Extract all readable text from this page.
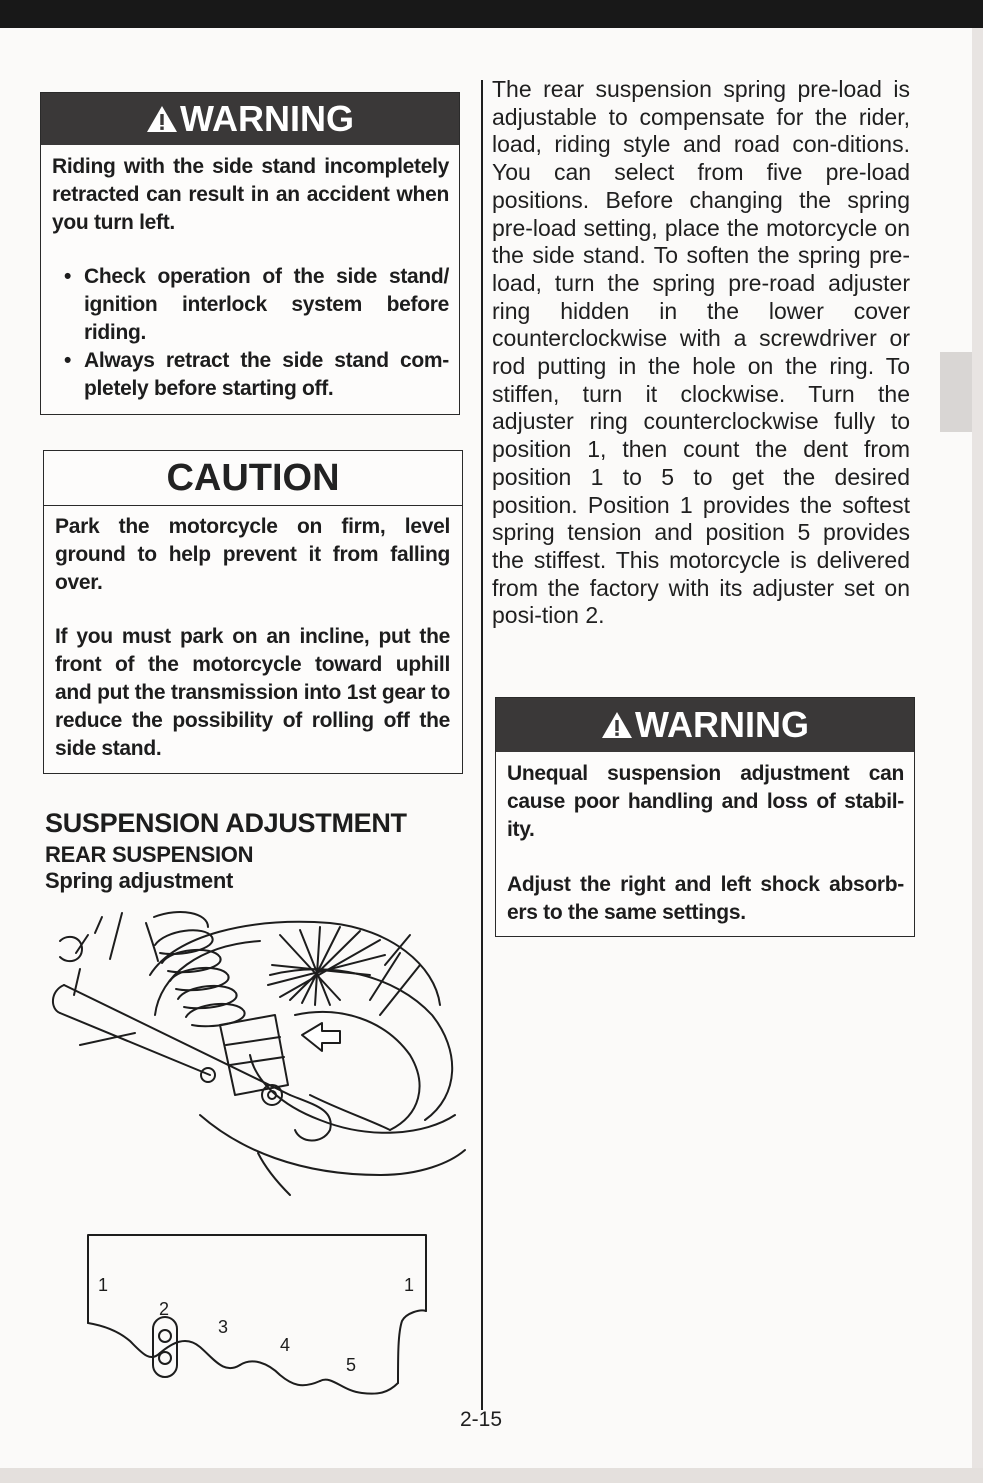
WARNING

Riding with the side stand incompletely retracted can result in an accident when you turn left.

• Check operation of the side stand/ ignition interlock system before riding.
• Always retract the side stand com-pletely before starting off.
CAUTION

Park the motorcycle on firm, level ground to help prevent it from falling over.

If you must park on an incline, put the front of the motorcycle toward uphill and put the transmission into 1st gear to reduce the possibility of rolling off the side stand.

SUSPENSION ADJUSTMENT
REAR SUSPENSION
Spring adjustment
1
2
3
4
5
1

The rear suspension spring pre-load is adjustable to compensate for the rider, load, riding style and road con-ditions. You can select from five pre-load positions. Before changing the spring pre-load setting, place the motorcycle on the side stand. To soften the spring pre-load, turn the spring pre-road adjuster ring hidden in the lower cover counterclockwise with a screwdriver or rod putting in the hole on the ring. To stiffen, turn it clockwise. Turn the adjuster ring counterclockwise fully to position 1, then count the dent from position 1 to 5 to get the desired position. Position 1 provides the softest spring tension and position 5 provides the stiffest. This motorcycle is delivered from the factory with its adjuster set on posi-tion 2.

WARNING

Unequal suspension adjustment can cause poor handling and loss of stabil-ity.

Adjust the right and left shock absorb-ers to the same settings.

2-15
